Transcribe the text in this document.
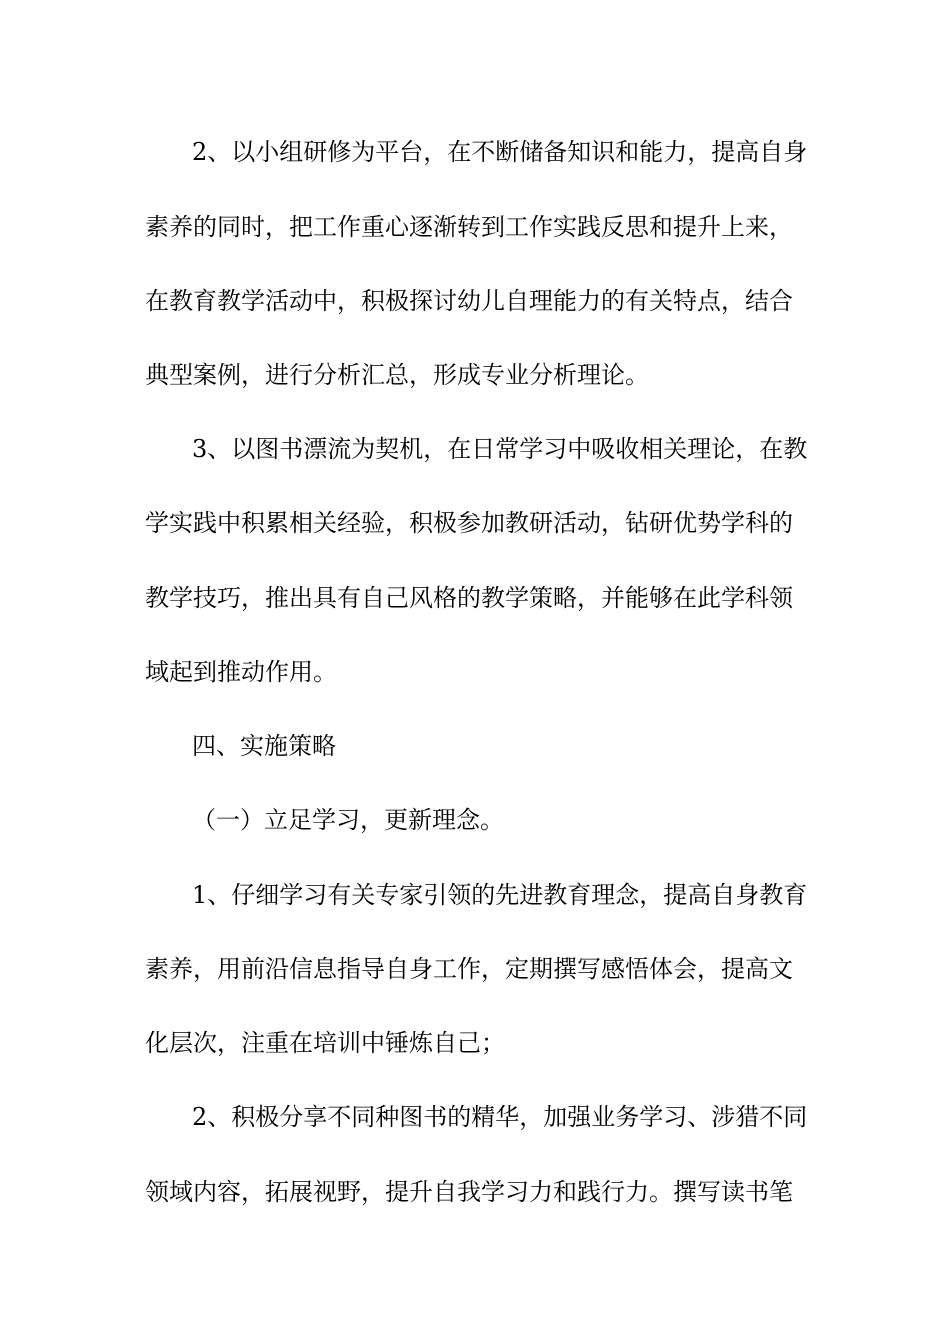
2、以小组研修为平台，在不断储备知识和能力，提高自身
素养的同时，把工作重心逐渐转到工作实践反思和提升上来，
在教育教学活动中，积极探讨幼儿自理能力的有关特点，结合
典型案例，进行分析汇总，形成专业分析理论。
3、以图书漂流为契机，在日常学习中吸收相关理论，在教
学实践中积累相关经验，积极参加教研活动，钻研优势学科的
教学技巧，推出具有自己风格的教学策略，并能够在此学科领
域起到推动作用。
四、实施策略
（一）立足学习，更新理念。
1、仔细学习有关专家引领的先进教育理念，提高自身教育
素养，用前沿信息指导自身工作，定期撰写感悟体会，提高文
化层次，注重在培训中锤炼自己；
2、积极分享不同种图书的精华，加强业务学习、涉猎不同
领域内容，拓展视野，提升自我学习力和践行力。撰写读书笔
